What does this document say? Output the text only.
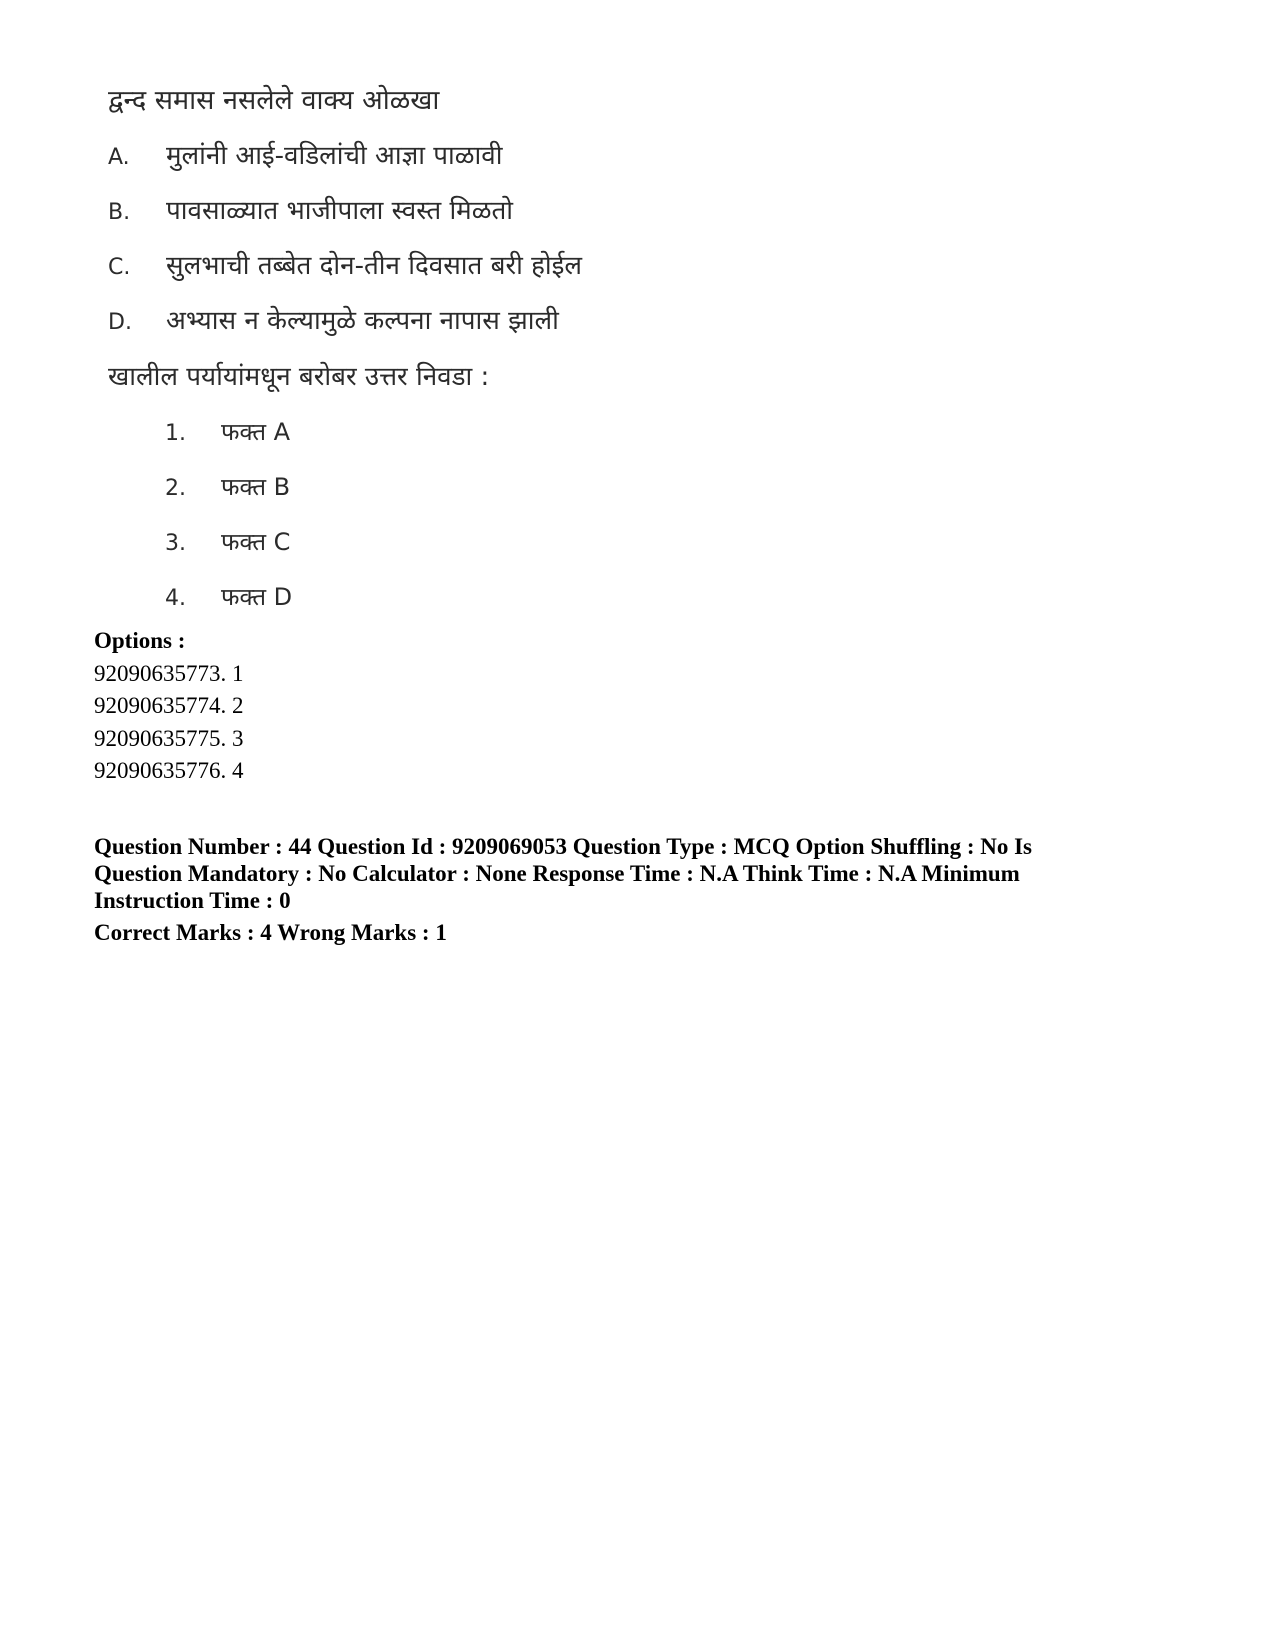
द्वन्द समास नसलेले वाक्य ओळखा
A. मुलांनी आई-वडिलांची आज्ञा पाळावी
B. पावसाळ्यात भाजीपाला स्वस्त मिळतो
C. सुलभाची तब्बेत दोन-तीन दिवसात बरी होईल
D. अभ्यास न केल्यामुळे कल्पना नापास झाली
खालील पर्यायांमधून बरोबर उत्तर निवडा :
1. फक्त A
2. फक्त B
3. फक्त C
4. फक्त D
Options :
92090635773. 1
92090635774. 2
92090635775. 3
92090635776. 4
Question Number : 44 Question Id : 9209069053 Question Type : MCQ Option Shuffling : No Is Question Mandatory : No Calculator : None Response Time : N.A Think Time : N.A Minimum Instruction Time : 0
Correct Marks : 4 Wrong Marks : 1
